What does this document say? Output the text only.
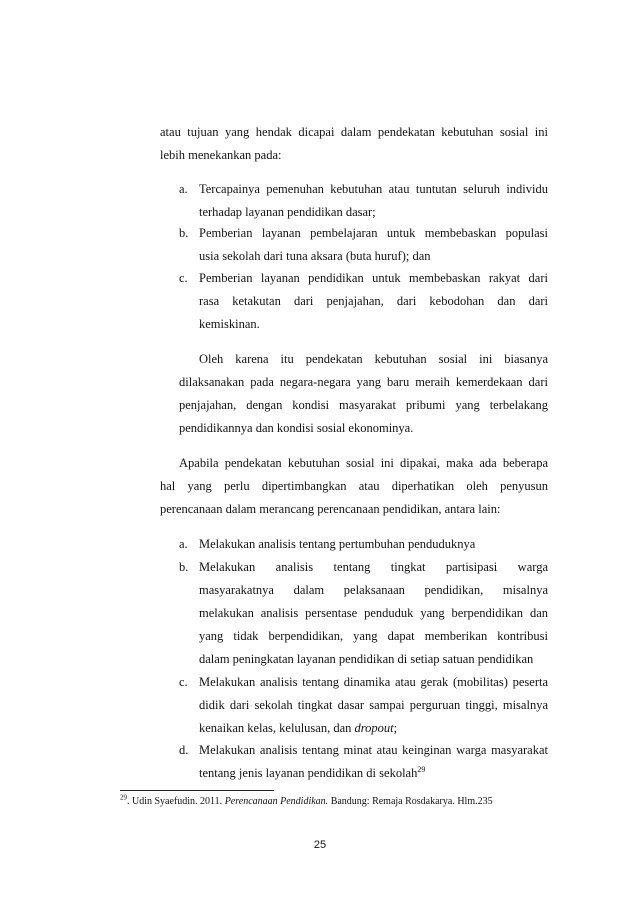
atau tujuan yang hendak dicapai dalam pendekatan kebutuhan sosial ini
lebih menekankan pada:
a. Tercapainya pemenuhan kebutuhan atau tuntutan seluruh individu
terhadap layanan pendidikan dasar;
b. Pemberian layanan pembelajaran untuk membebaskan populasi
usia sekolah dari tuna aksara (buta huruf); dan
c. Pemberian layanan pendidikan untuk membebaskan rakyat dari
rasa ketakutan dari penjajahan, dari kebodohan dan dari
kemiskinan.
Oleh karena itu pendekatan kebutuhan sosial ini biasanya
dilaksanakan pada negara-negara yang baru meraih kemerdekaan dari
penjajahan, dengan kondisi masyarakat pribumi yang terbelakang
pendidikannya dan kondisi sosial ekonominya.
Apabila pendekatan kebutuhan sosial ini dipakai, maka ada beberapa
hal yang perlu dipertimbangkan atau diperhatikan oleh penyusun
perencanaan dalam merancang perencanaan pendidikan, antara lain:
a. Melakukan analisis tentang pertumbuhan penduduknya
b. Melakukan analisis tentang tingkat partisipasi warga
masyarakatnya dalam pelaksanaan pendidikan, misalnya
melakukan analisis persentase penduduk yang berpendidikan dan
yang tidak berpendidikan, yang dapat memberikan kontribusi
dalam peningkatan layanan pendidikan di setiap satuan pendidikan
c. Melakukan analisis tentang dinamika atau gerak (mobilitas) peserta
didik dari sekolah tingkat dasar sampai perguruan tinggi, misalnya
kenaikan kelas, kelulusan, dan dropout;
d. Melakukan analisis tentang minat atau keinginan warga masyarakat
tentang jenis layanan pendidikan di sekolah$^{29}$
$^{29}$. Udin Syaefudin. 2011. Perencanaan Pendidikan. Bandung: Remaja Rosdakarya. Hlm.235
25
